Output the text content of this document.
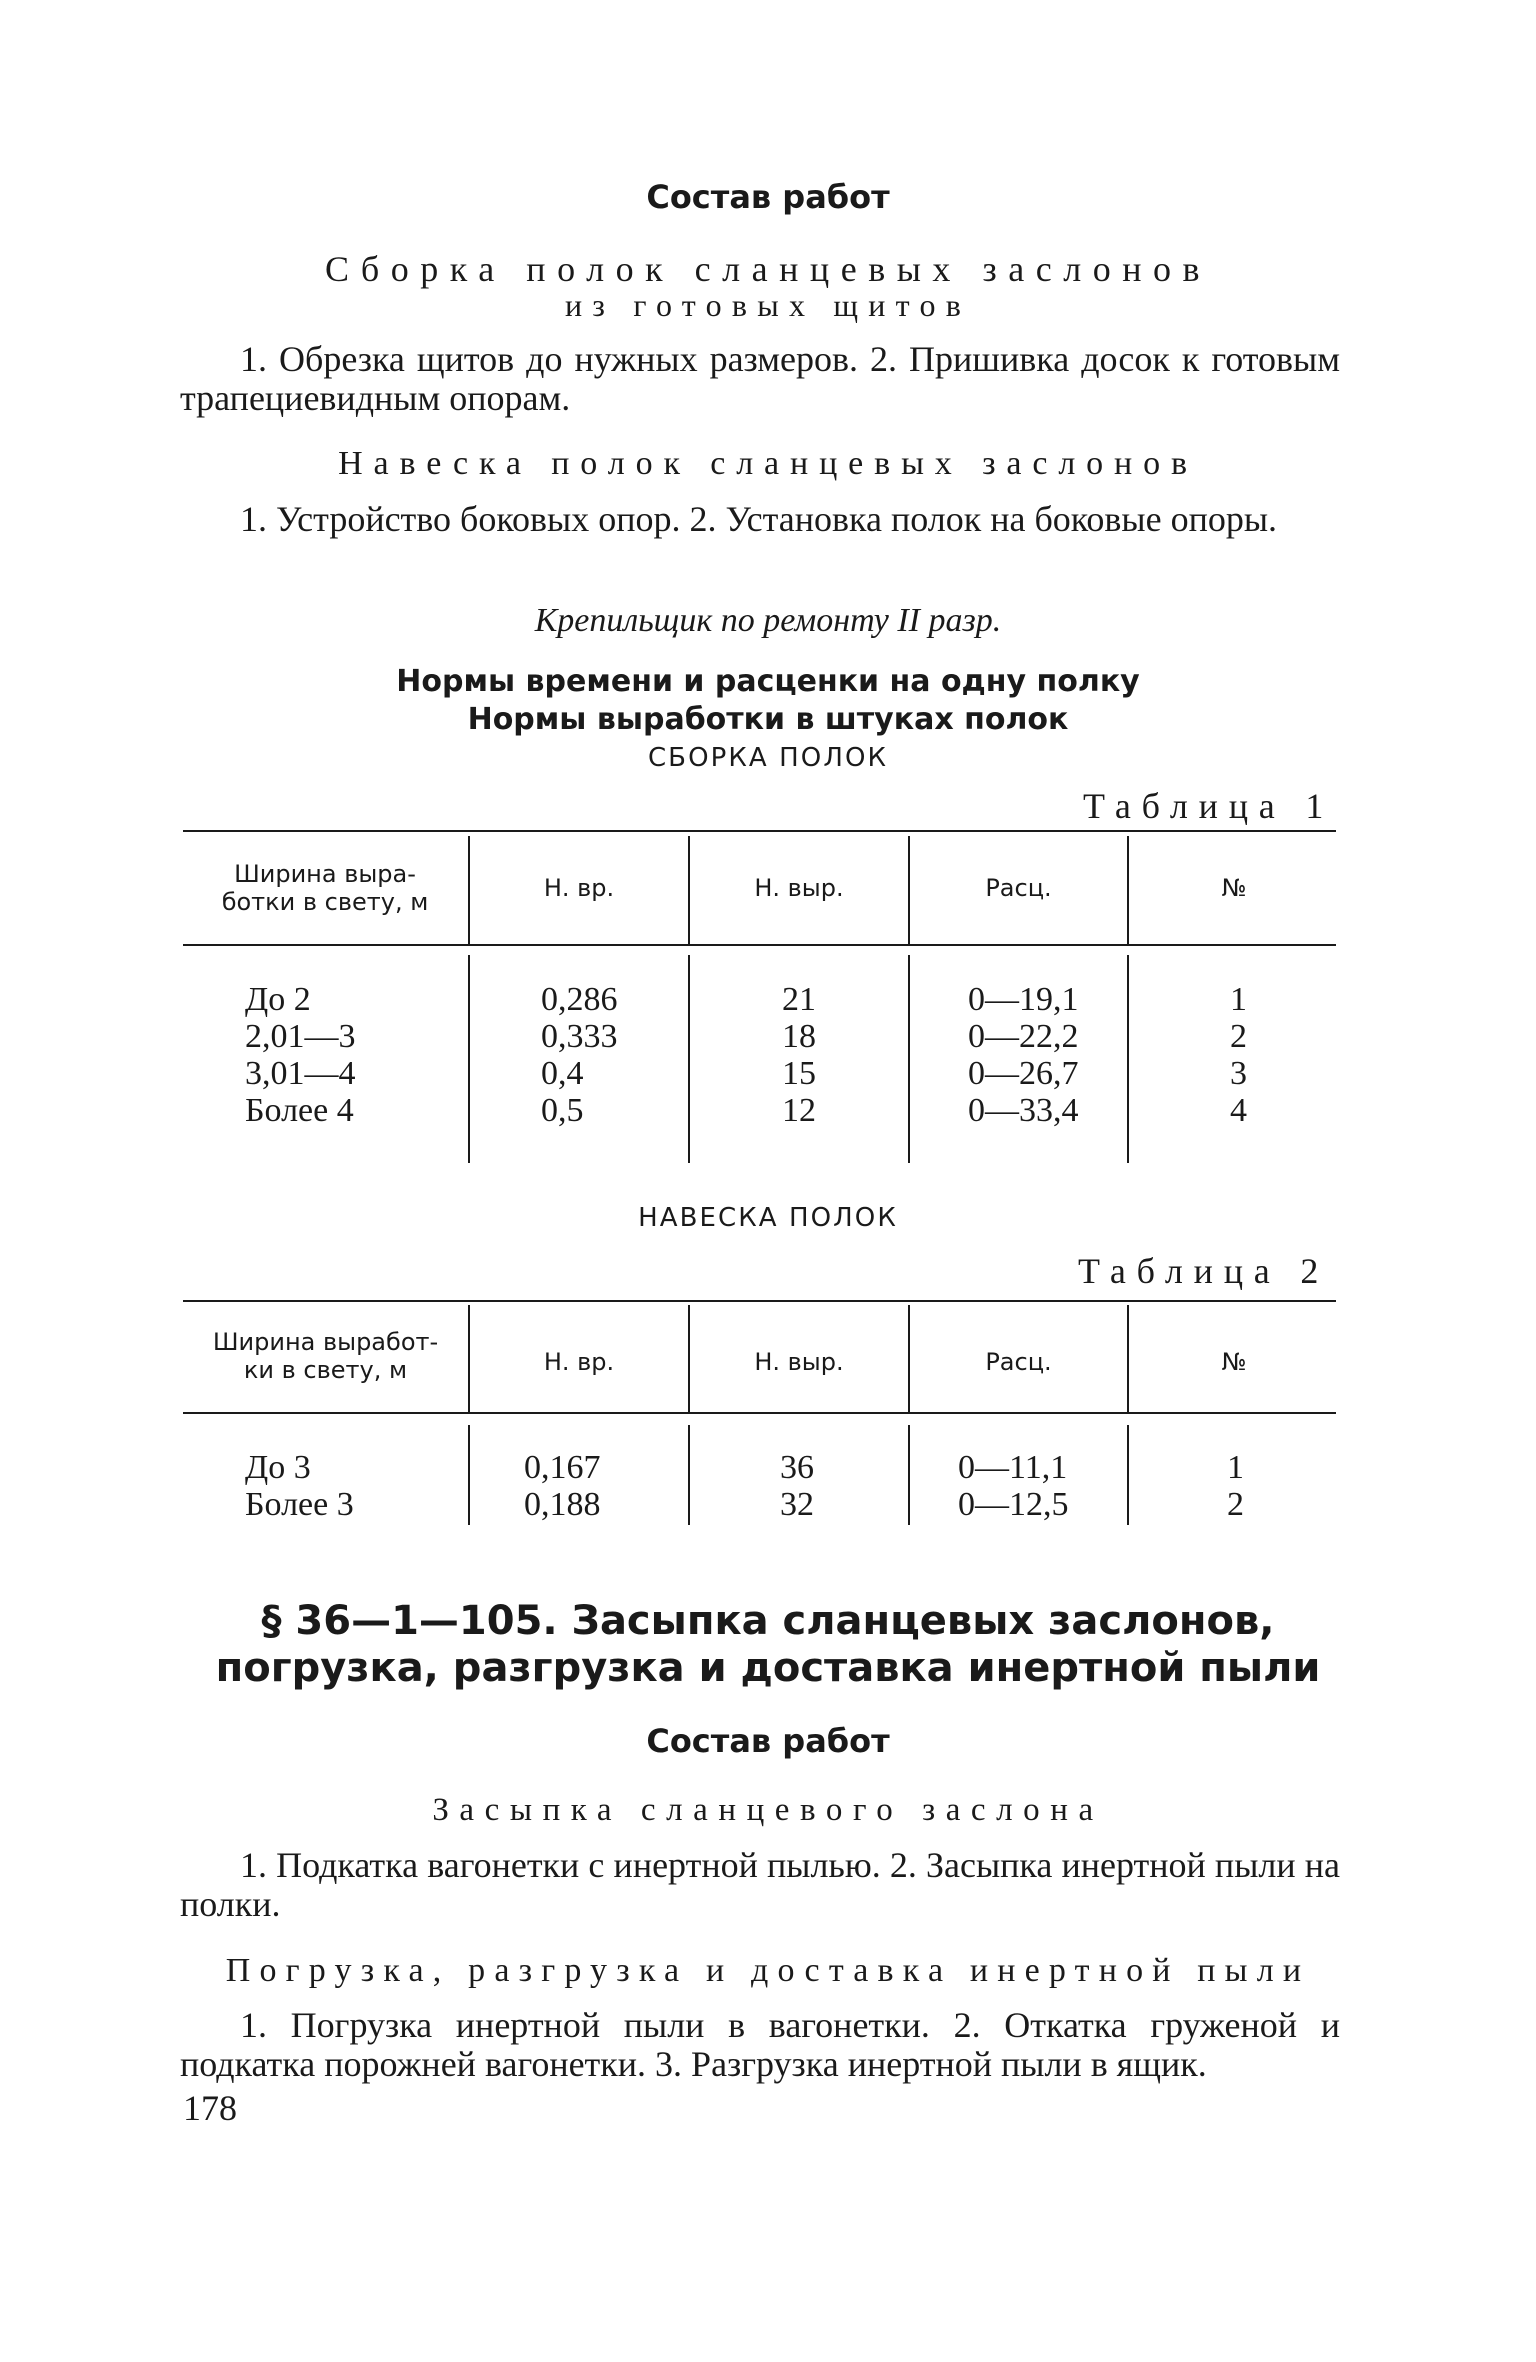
Состав работ
Сборка полок сланцевых заслонов
из готовых щитов
1. Обрезка щитов до нужных размеров. 2. Пришивка досок к готовым трапециевидным опорам.
Навеска полок сланцевых заслонов
1. Устройство боковых опор. 2. Установка полок на боковые опоры.
Крепильщик по ремонту II разр.
Нормы времени и расценки на одну полку
Нормы выработки в штуках полок
СБОРКА ПОЛОК
Таблица 1
Ширина выра-
ботки в свету, м	Н. вр.	Н. выр.	Расц.	№
До 2	0,286	21	0—19,1	1
2,01—3	0,333	18	0—22,2	2
3,01—4	0,4	15	0—26,7	3
Более 4	0,5	12	0—33,4	4
НАВЕСКА ПОЛОК
Таблица 2
Ширина выработ-
ки в свету, м	Н. вр.	Н. выр.	Расц.	№
До 3	0,167	36	0—11,1	1
Более 3	0,188	32	0—12,5	2
§ 36—1—105. Засыпка сланцевых заслонов,
погрузка, разгрузка и доставка инертной пыли
Состав работ
Засыпка сланцевого заслона
1. Подкатка вагонетки с инертной пылью. 2. Засыпка инертной пыли на полки.
Погрузка, разгрузка и доставка инертной пыли
1. Погрузка инертной пыли в вагонетки. 2. Откатка груженой и подкатка порожней вагонетки. 3. Разгрузка инертной пыли в ящик.
178
